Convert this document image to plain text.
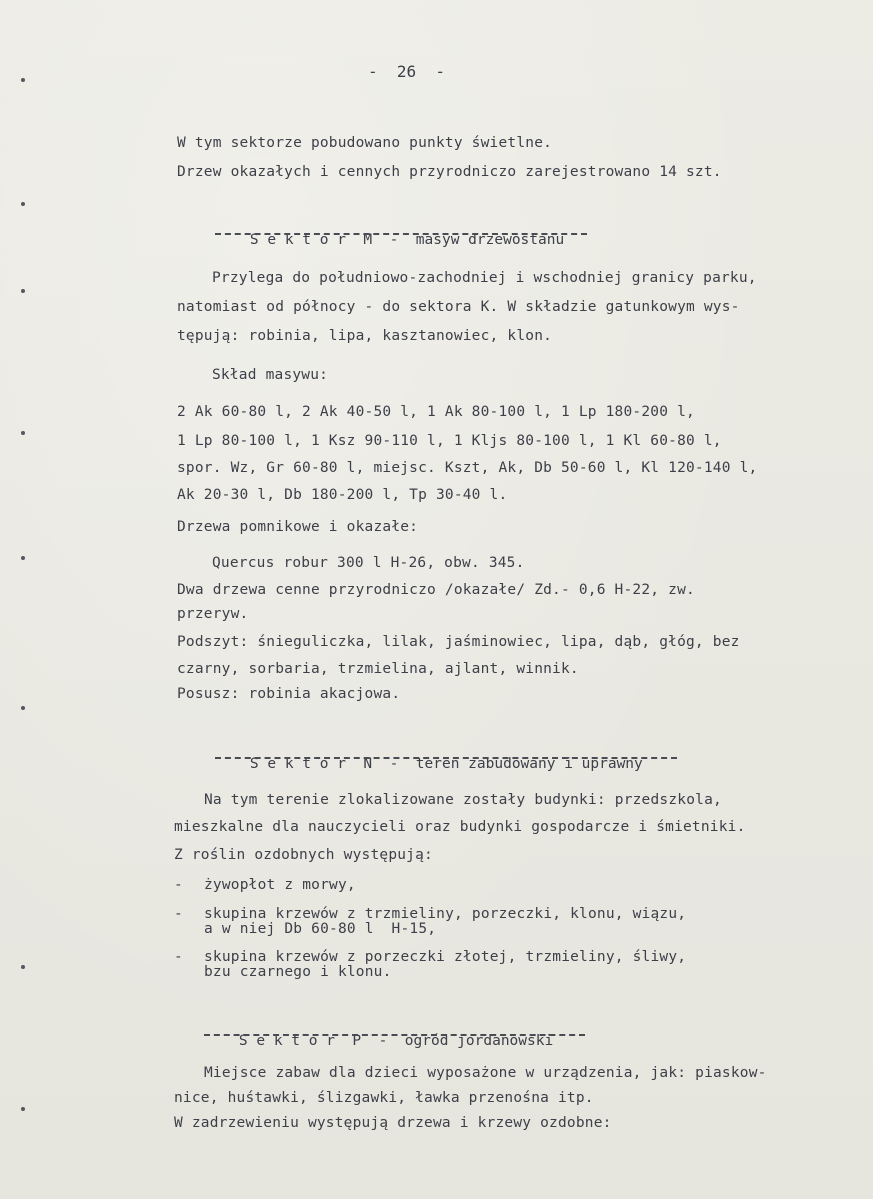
-  26  -
W tym sektorze pobudowano punkty świetlne.
Drzew okazałych i cennych przyrodniczo zarejestrowano 14 szt.

S e k t o r  M  -  masyw drzewostanu

Przylega do południowo-zachodniej i wschodniej granicy parku,
natomiast od północy - do sektora K. W składzie gatunkowym wys-
tępują: robinia, lipa, kasztanowiec, klon.
Skład masywu:
2 Ak 60-80 l, 2 Ak 40-50 l, 1 Ak 80-100 l, 1 Lp 180-200 l,
1 Lp 80-100 l, 1 Ksz 90-110 l, 1 Kljs 80-100 l, 1 Kl 60-80 l,
spor. Wz, Gr 60-80 l, miejsc. Kszt, Ak, Db 50-60 l, Kl 120-140 l,
Ak 20-30 l, Db 180-200 l, Tp 30-40 l.
Drzewa pomnikowe i okazałe:
Quercus robur 300 l H-26, obw. 345.
Dwa drzewa cenne przyrodniczo /okazałe/ Zd.- 0,6 H-22, zw.
przeryw.
Podszyt: śnieguliczka, lilak, jaśminowiec, lipa, dąb, głóg, bez
czarny, sorbaria, trzmielina, ajlant, winnik.
Posusz: robinia akacjowa.

S e k t o r  N  -  teren zabudowany i uprawny

Na tym terenie zlokalizowane zostały budynki: przedszkola,
mieszkalne dla nauczycieli oraz budynki gospodarcze i śmietniki.
Z roślin ozdobnych występują:
- żywopłot z morwy,
- skupina krzewów z trzmieliny, porzeczki, klonu, wiązu,
a w niej Db 60-80 l  H-15,
- skupina krzewów z porzeczki złotej, trzmieliny, śliwy,
bzu czarnego i klonu.

S e k t o r  P  -  ogród jordanowski

Miejsce zabaw dla dzieci wyposażone w urządzenia, jak: piaskow-
nice, huśtawki, ślizgawki, ławka przenośna itp.
W zadrzewieniu występują drzewa i krzewy ozdobne:
